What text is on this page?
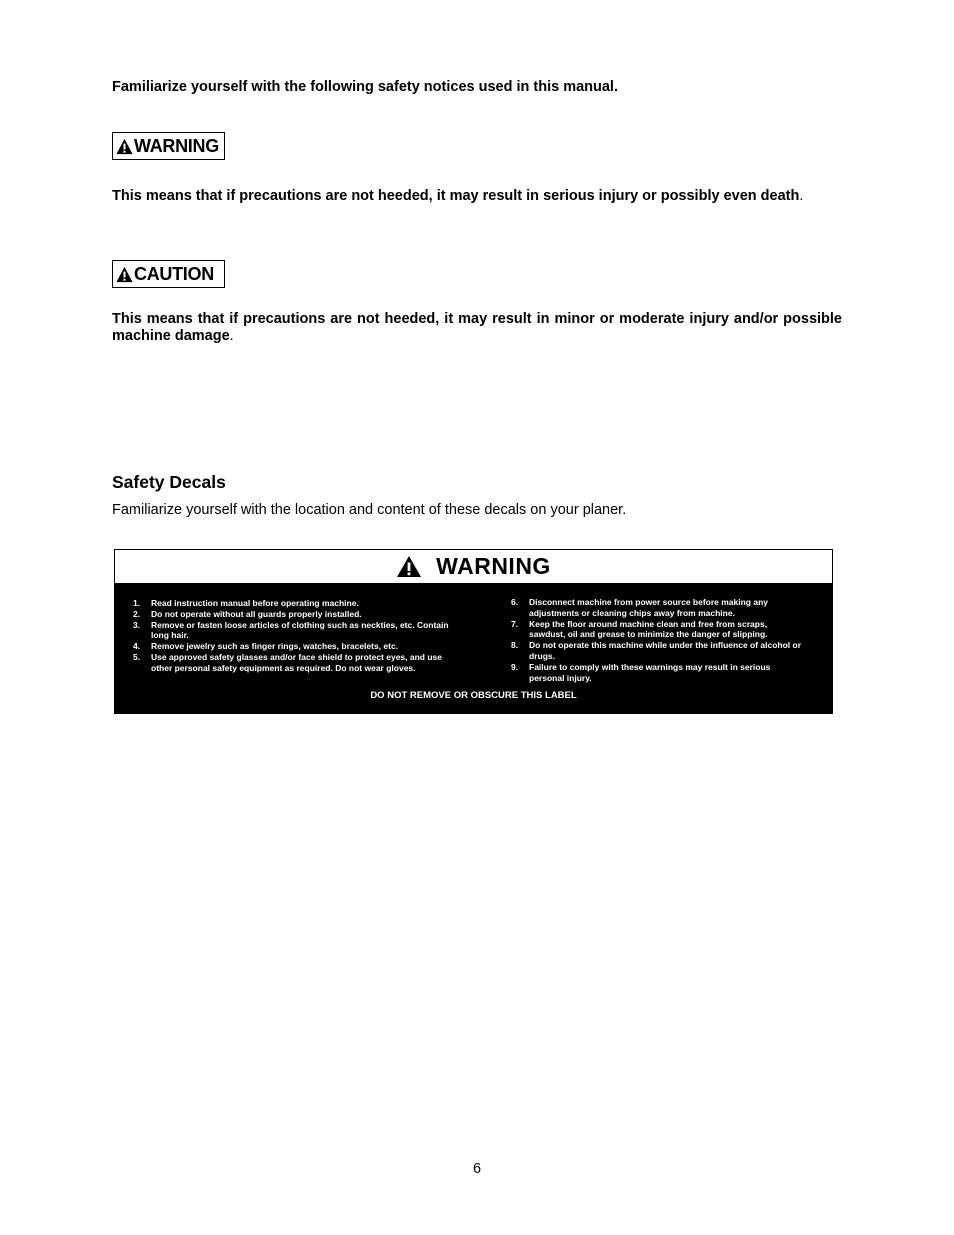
Familiarize yourself with the following safety notices used in this manual.
WARNING
This means that if precautions are not heeded, it may result in serious injury or possibly even death.
CAUTION
This means that if precautions are not heeded, it may result in minor or moderate injury and/or possible machine damage.
Safety Decals
Familiarize yourself with the location and content of these decals on your planer.
WARNING
1.	Read instruction manual before operating machine.
2.	Do not operate without all guards properly installed.
3.	Remove or fasten loose articles of clothing such as neckties, etc. Contain long hair.
4.	Remove jewelry such as finger rings, watches, bracelets, etc.
5.	Use approved safety glasses and/or face shield to protect eyes, and use other personal safety equipment as required. Do not wear gloves.
6.	Disconnect machine from power source before making any adjustments or cleaning chips away from machine.
7.	Keep the floor around machine clean and free from scraps, sawdust, oil and grease to minimize the danger of slipping.
8.	Do not operate this machine while under the influence of alcohol or drugs.
9.	Failure to comply with these warnings may result in serious personal injury.
DO NOT REMOVE OR OBSCURE THIS LABEL
6
